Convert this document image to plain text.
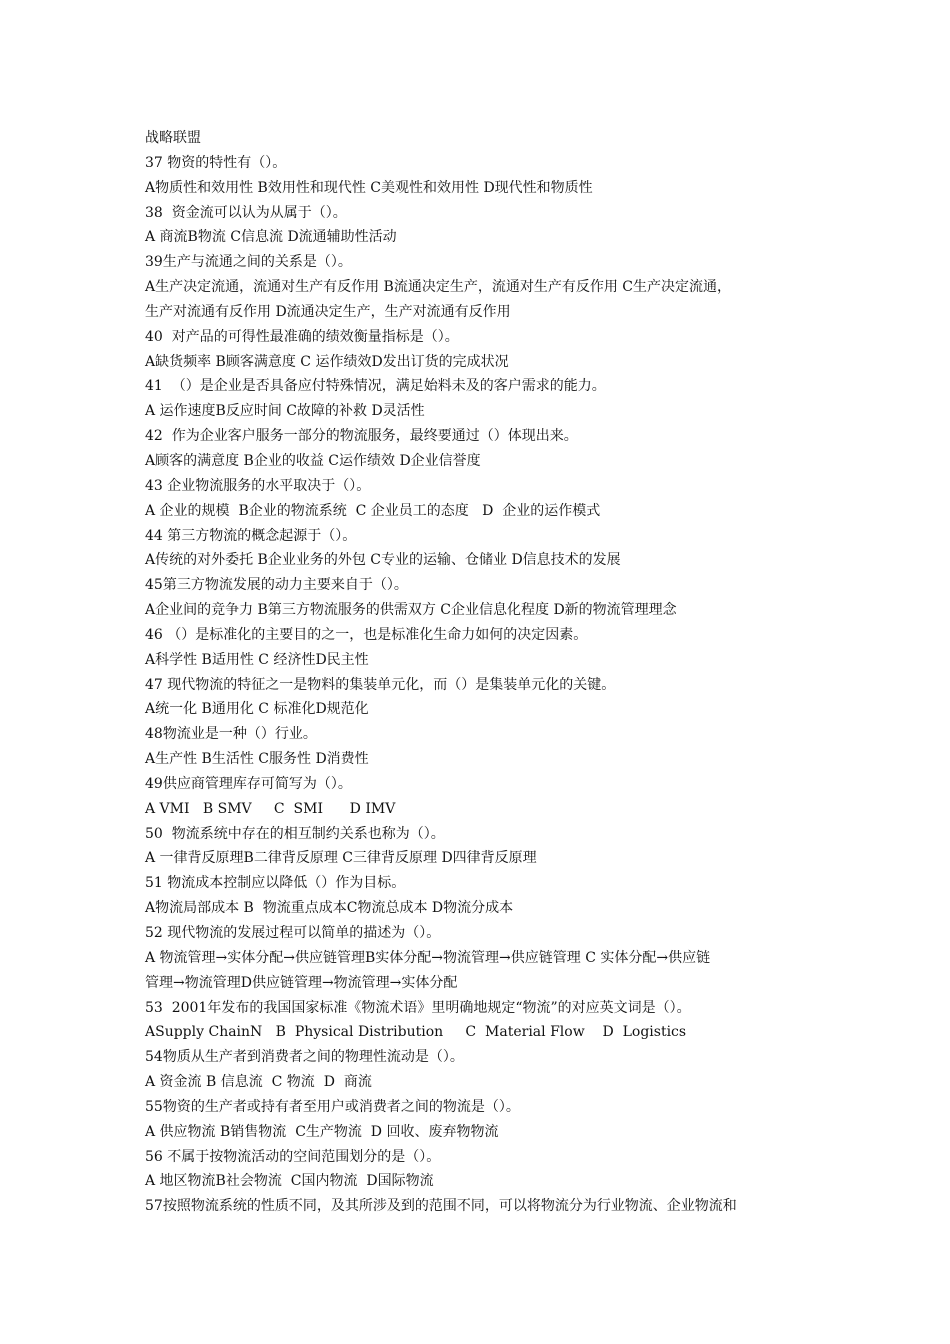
战略联盟
37 物资的特性有（）。
A物质性和效用性 B效用性和现代性 C美观性和效用性 D现代性和物质性
38  资金流可以认为从属于（）。
A 商流B物流 C信息流 D流通辅助性活动
39生产与流通之间的关系是（）。
A生产决定流通，流通对生产有反作用 B流通决定生产，流通对生产有反作用 C生产决定流通，
生产对流通有反作用 D流通决定生产，生产对流通有反作用
40  对产品的可得性最准确的绩效衡量指标是（）。
A缺货频率 B顾客满意度 C 运作绩效D发出订货的完成状况
41  （）是企业是否具备应付特殊情况，满足始料未及的客户需求的能力。
A 运作速度B反应时间 C故障的补救 D灵活性
42  作为企业客户服务一部分的物流服务，最终要通过（）体现出来。
A顾客的满意度 B企业的收益 C运作绩效 D企业信誉度
43 企业物流服务的水平取决于（）。
A 企业的规模  B企业的物流系统  C 企业员工的态度   D  企业的运作模式
44 第三方物流的概念起源于（）。
A传统的对外委托 B企业业务的外包 C专业的运输、仓储业 D信息技术的发展
45第三方物流发展的动力主要来自于（）。
A企业间的竞争力 B第三方物流服务的供需双方 C企业信息化程度 D新的物流管理理念
46 （）是标准化的主要目的之一，也是标准化生命力如何的决定因素。
A科学性 B适用性 C 经济性D民主性
47 现代物流的特征之一是物料的集装单元化，而（）是集装单元化的关键。
A统一化 B通用化 C 标准化D规范化
48物流业是一种（）行业。
A生产性 B生活性 C服务性 D消费性
49供应商管理库存可简写为（）。
A VMI   B SMV     C  SMI      D IMV
50  物流系统中存在的相互制约关系也称为（）。
A 一律背反原理B二律背反原理 C三律背反原理 D四律背反原理
51 物流成本控制应以降低（）作为目标。
A物流局部成本 B  物流重点成本C物流总成本 D物流分成本
52 现代物流的发展过程可以简单的描述为（）。
A 物流管理→实体分配→供应链管理B实体分配→物流管理→供应链管理 C 实体分配→供应链
管理→物流管理D供应链管理→物流管理→实体分配
53  2001年发布的我国国家标准《物流术语》里明确地规定“物流”的对应英文词是（）。
ASupply ChainN   B  Physical Distribution     C  Material Flow    D  Logistics
54物质从生产者到消费者之间的物理性流动是（）。
A 资金流 B 信息流  C 物流  D  商流
55物资的生产者或持有者至用户或消费者之间的物流是（）。
A 供应物流 B销售物流  C生产物流  D 回收、废弃物物流
56 不属于按物流活动的空间范围划分的是（）。
A 地区物流B社会物流  C国内物流  D国际物流
57按照物流系统的性质不同，及其所涉及到的范围不同，可以将物流分为行业物流、企业物流和
